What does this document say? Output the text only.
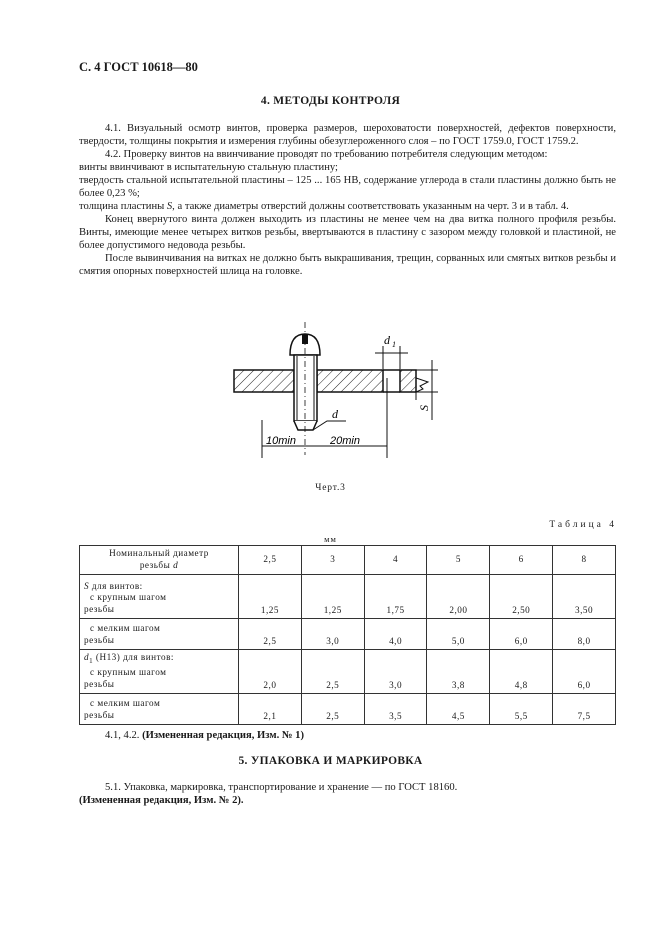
С. 4 ГОСТ 10618—80
4. МЕТОДЫ КОНТРОЛЯ

4.1. Визуальный осмотр винтов, проверка размеров, шероховатости поверхностей, дефектов поверхности, твердости, толщины покрытия и измерения глубины обезуглероженного слоя – по ГОСТ 1759.0, ГОСТ 1759.2.

4.2. Проверку винтов на ввинчивание проводят по требованию потребителя следующим методом:

винты ввинчивают в испытательную стальную пластину;

твердость стальной испытательной пластины – 125 ... 165 НВ, содержание углерода в стали пластины должно быть не более 0,23 %;

толщина пластины S, а также диаметры отверстий должны соответствовать указанным на черт. 3 и в табл. 4.

Конец ввернутого винта должен выходить из пластины не менее чем на два витка полного профиля резьбы. Винты, имеющие менее четырех витков резьбы, ввертываются в пластину с зазором между головкой и пластиной, не более допустимого недовода резьбы.

После вывинчивания на витках не должно быть выкрашивания, трещин, сорванных или смятых витков резьбы и смятия опорных поверхностей шлица на головке.

d 1
S
d
10min	20min
Черт.3
Таблица 4
мм
Номинальный диаметр
резьбы d	2,5	3	4	5	6	8
S для винтов:
с крупным шагом
резьбы	1,25	1,25	1,75	2,00	2,50	3,50

с мелким шагом
резьбы	2,5	3,0	4,0	5,0	6,0	8,0
$d_1$ (Н13) для винтов:
с крупным шагом
резьбы	2,0	2,5	3,0	3,8	4,8	6,0

с мелким шагом
резьбы	2,1	2,5	3,5	4,5	5,5	7,5
4.1, 4.2. (Измененная редакция, Изм. № 1)
5. УПАКОВКА И МАРКИРОВКА

5.1. Упаковка, маркировка, транспортирование и хранение — по ГОСТ 18160.

(Измененная редакция, Изм. № 2).
